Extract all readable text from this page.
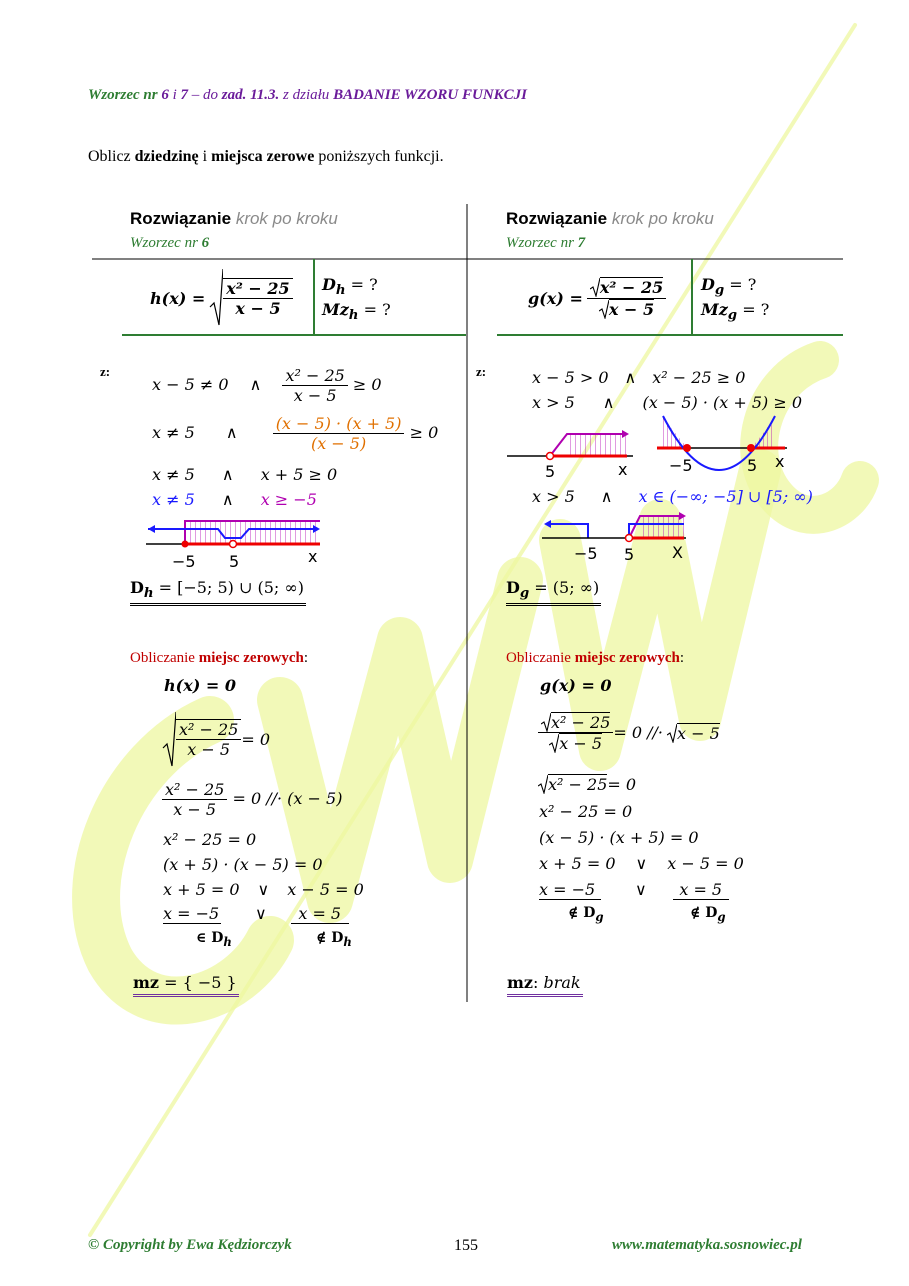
Wzorzec nr 6 i 7 – do zad. 11.3. z działu BADANIE WZORU FUNKCJI
Oblicz dziedzinę i miejsca zerowe poniższych funkcji.
Rozwiązanie krok po kroku
Wzorzec nr 6
$h(x) = \frac{\text{x² − 25}}{x - 5} D_h$ = ?
$Mz_h$ = ?
z:
x − 5 ≠ 0 ∧ $\frac{\text{x² − 25}}{x - 5} \ge 0$
x ≠ 5 ∧ $\frac{(x - 5) \cdot (x + 5)}{(x - 5)} \ge 0$
x ≠ 5 ∧ x + 5 ≥ 0
x ≠ 5 ∧ x ≥ −5
−5 5	x
$D_h = [-5$; 5) ∪ (5; ∞)
Obliczanie miejsc zerowych:
h(x) = 0
$\frac{\text{x² − 25}}{x - 5} = 0$
$\frac{\text{x² − 25}}{x - 5} = 0$ //· (x − 5)
x² − 25 = 0
(x + 5) · (x − 5) = 0
x + 5 = 0 ∨ x − 5 = 0
x = −5 ∨ x = 5
∈ $D_h$	∉ $D_h$
mz = { −5 }
Rozwiązanie krok po kroku
Wzorzec nr 7
$g(x) = \frac{\text{x² − 25}}{x - 5} D_g$ = ?
$Mz_g$ = ?
z:	x − 5 > 0 ∧ x² − 25 ≥ 0
x > 5 ∧ (x − 5) · (x + 5) ≥ 0
5	x	−5	5 x
x > 5 ∧ x ∈ (−∞; −5] ∪ [5; ∞)
−5 5 X
$D_g = (5$; ∞)
Obliczanie miejsc zerowych:
g(x) = 0
$\frac{\text{x² − 25}}{x - 5} = 0$ //· x − 5
x² − 25 = 0
x² − 25 = 0
(x − 5) · (x + 5) = 0
x + 5 = 0 ∨ x − 5 = 0
x = −5 ∨ x = 5
∉ $D_g$	∉ $D_g$
mz: brak
© Copyright by Ewa Kędziorczyk	155	www.matematyka.sosnowiec.pl
